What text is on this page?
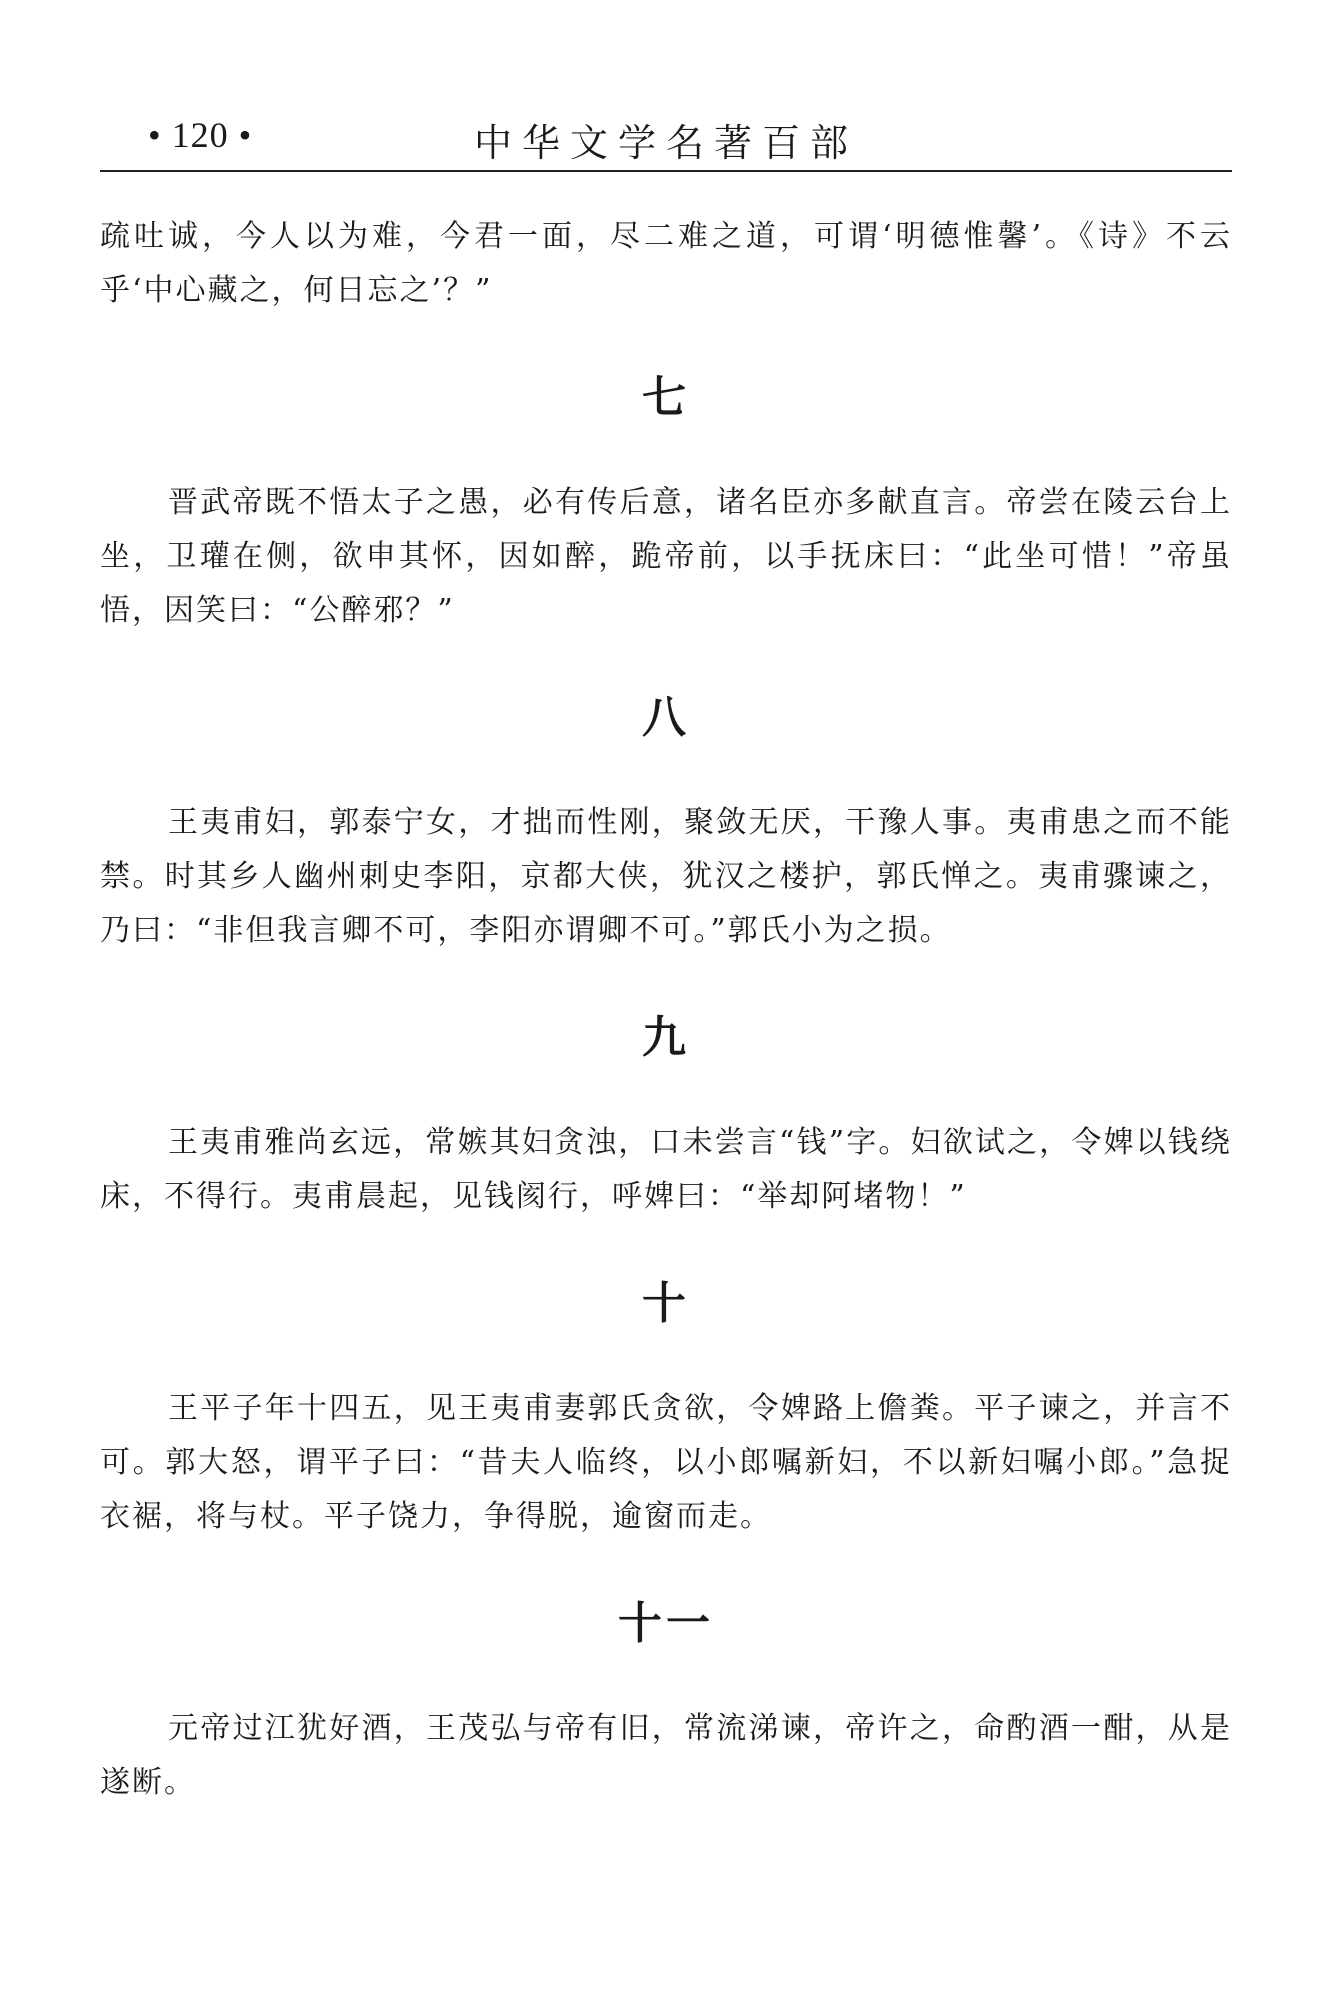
• 120 •	中华文学名著百部

疏吐诚，今人以为难，今君一面，尽二难之道，可谓‘明德惟馨’。《诗》不云乎‘中心藏之，何日忘之’？”

七

晋武帝既不悟太子之愚，必有传后意，诸名臣亦多献直言。帝尝在陵云台上坐，卫瓘在侧，欲申其怀，因如醉，跪帝前，以手抚床曰：“此坐可惜！”帝虽悟，因笑曰：“公醉邪？”

八

王夷甫妇，郭泰宁女，才拙而性刚，聚敛无厌，干豫人事。夷甫患之而不能禁。时其乡人幽州刺史李阳，京都大侠，犹汉之楼护，郭氏惮之。夷甫骤谏之，乃曰：“非但我言卿不可，李阳亦谓卿不可。”郭氏小为之损。

九

王夷甫雅尚玄远，常嫉其妇贪浊，口未尝言“钱”字。妇欲试之，令婢以钱绕床，不得行。夷甫晨起，见钱阂行，呼婢曰：“举却阿堵物！”

十

王平子年十四五，见王夷甫妻郭氏贪欲，令婢路上儋粪。平子谏之，并言不可。郭大怒，谓平子曰：“昔夫人临终，以小郎嘱新妇，不以新妇嘱小郎。”急捉衣裾，将与杖。平子饶力，争得脱，逾窗而走。

十一

元帝过江犹好酒，王茂弘与帝有旧，常流涕谏，帝许之，命酌酒一酣，从是遂断。
